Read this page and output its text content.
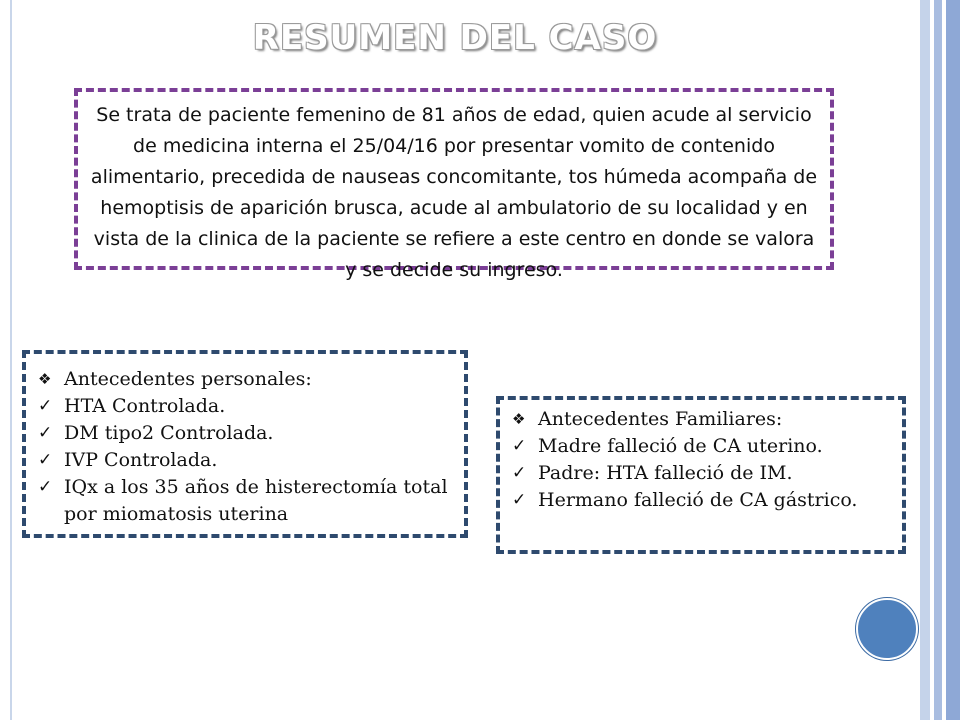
RESUMEN DEL CASO
Se trata de paciente femenino de 81 años de edad, quien acude al servicio de medicina interna el 25/04/16 por presentar vomito de contenido alimentario, precedida de nauseas concomitante, tos húmeda acompaña de hemoptisis de aparición brusca, acude al ambulatorio de su localidad y en vista de la clinica de la paciente se refiere a este centro en donde se valora y se decide su ingreso.
❖ Antecedentes personales:
✓ HTA Controlada.
✓ DM tipo2 Controlada.
✓ IVP Controlada.
✓ IQx a los 35 años de histerectomía total por miomatosis uterina
❖ Antecedentes Familiares:
✓ Madre falleció de CA uterino.
✓ Padre: HTA falleció de IM.
✓ Hermano falleció de CA gástrico.
